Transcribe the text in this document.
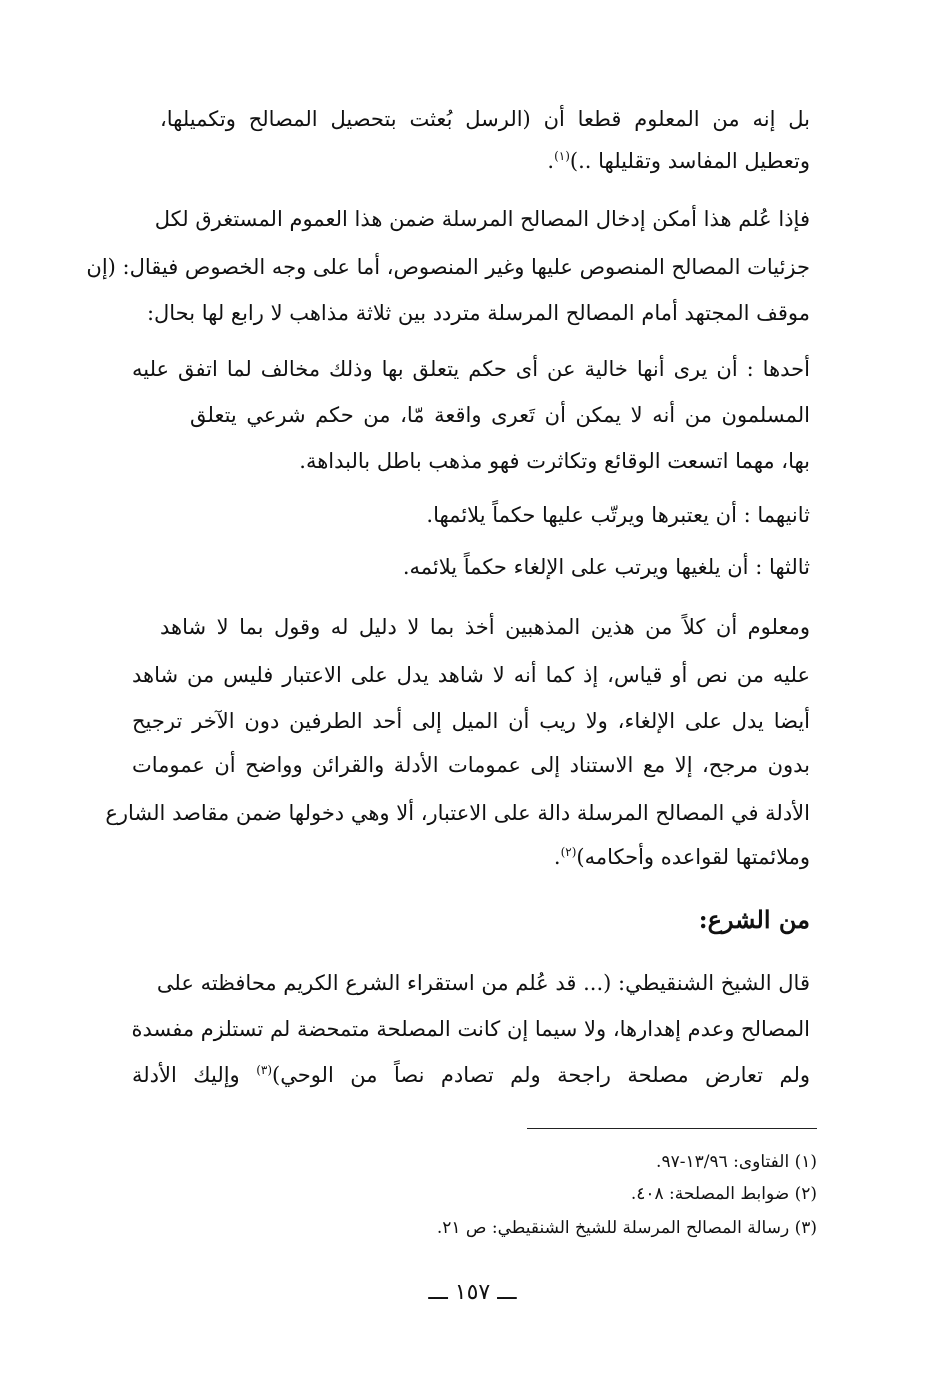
بل إنه من المعلوم قطعا أن (الرسل بُعثت بتحصيل المصالح وتكميلها،
وتعطيل المفاسد وتقليلها ..)$^{(١)}$.
فإذا عُلم هذا أمكن إدخال المصالح المرسلة ضمن هذا العموم المستغرق لكل
جزئيات المصالح المنصوص عليها وغير المنصوص، أما على وجه الخصوص فيقال: (إن
موقف المجتهد أمام المصالح المرسلة متردد بين ثلاثة مذاهب لا رابع لها بحال:
أحدها : أن يرى أنها خالية عن أى حكم يتعلق بها وذلك مخالف لما اتفق عليه
المسلمون من أنه لا يمكن أن تَعرى واقعة مّا، من حكم شرعي يتعلق
بها، مهما اتسعت الوقائع وتكاثرت فهو مذهب باطل بالبداهة.
ثانيهما : أن يعتبرها ويرتّب عليها حكماً يلائمها.
ثالثها : أن يلغيها ويرتب على الإلغاء حكماً يلائمه.
ومعلوم أن كلاً من هذين المذهبين أخذ بما لا دليل له وقول بما لا شاهد
عليه من نص أو قياس، إذ كما أنه لا شاهد يدل على الاعتبار فليس من شاهد
أيضا يدل على الإلغاء، ولا ريب أن الميل إلى أحد الطرفين دون الآخر ترجيح
بدون مرجح، إلا مع الاستناد إلى عمومات الأدلة والقرائن وواضح أن عمومات
الأدلة في المصالح المرسلة دالة على الاعتبار، ألا وهي دخولها ضمن مقاصد الشارع
وملائمتها لقواعده وأحكامه)$^{(٢)}$.
من الشرع:
قال الشيخ الشنقيطي: (... قد عُلم من استقراء الشرع الكريم محافظته على
المصالح وعدم إهدارها، ولا سيما إن كانت المصلحة متمحضة لم تستلزم مفسدة
ولم تعارض مصلحة راجحة ولم تصادم نصاً من الوحي)$^{(٣)}$ وإليك الأدلة
(١) الفتاوى: ١٣/٩٦-٩٧.
(٢) ضوابط المصلحة: ٤٠٨.
(٣) رسالة المصالح المرسلة للشيخ الشنقيطي: ص ٢١.
ـــ ١٥٧ ـــ
